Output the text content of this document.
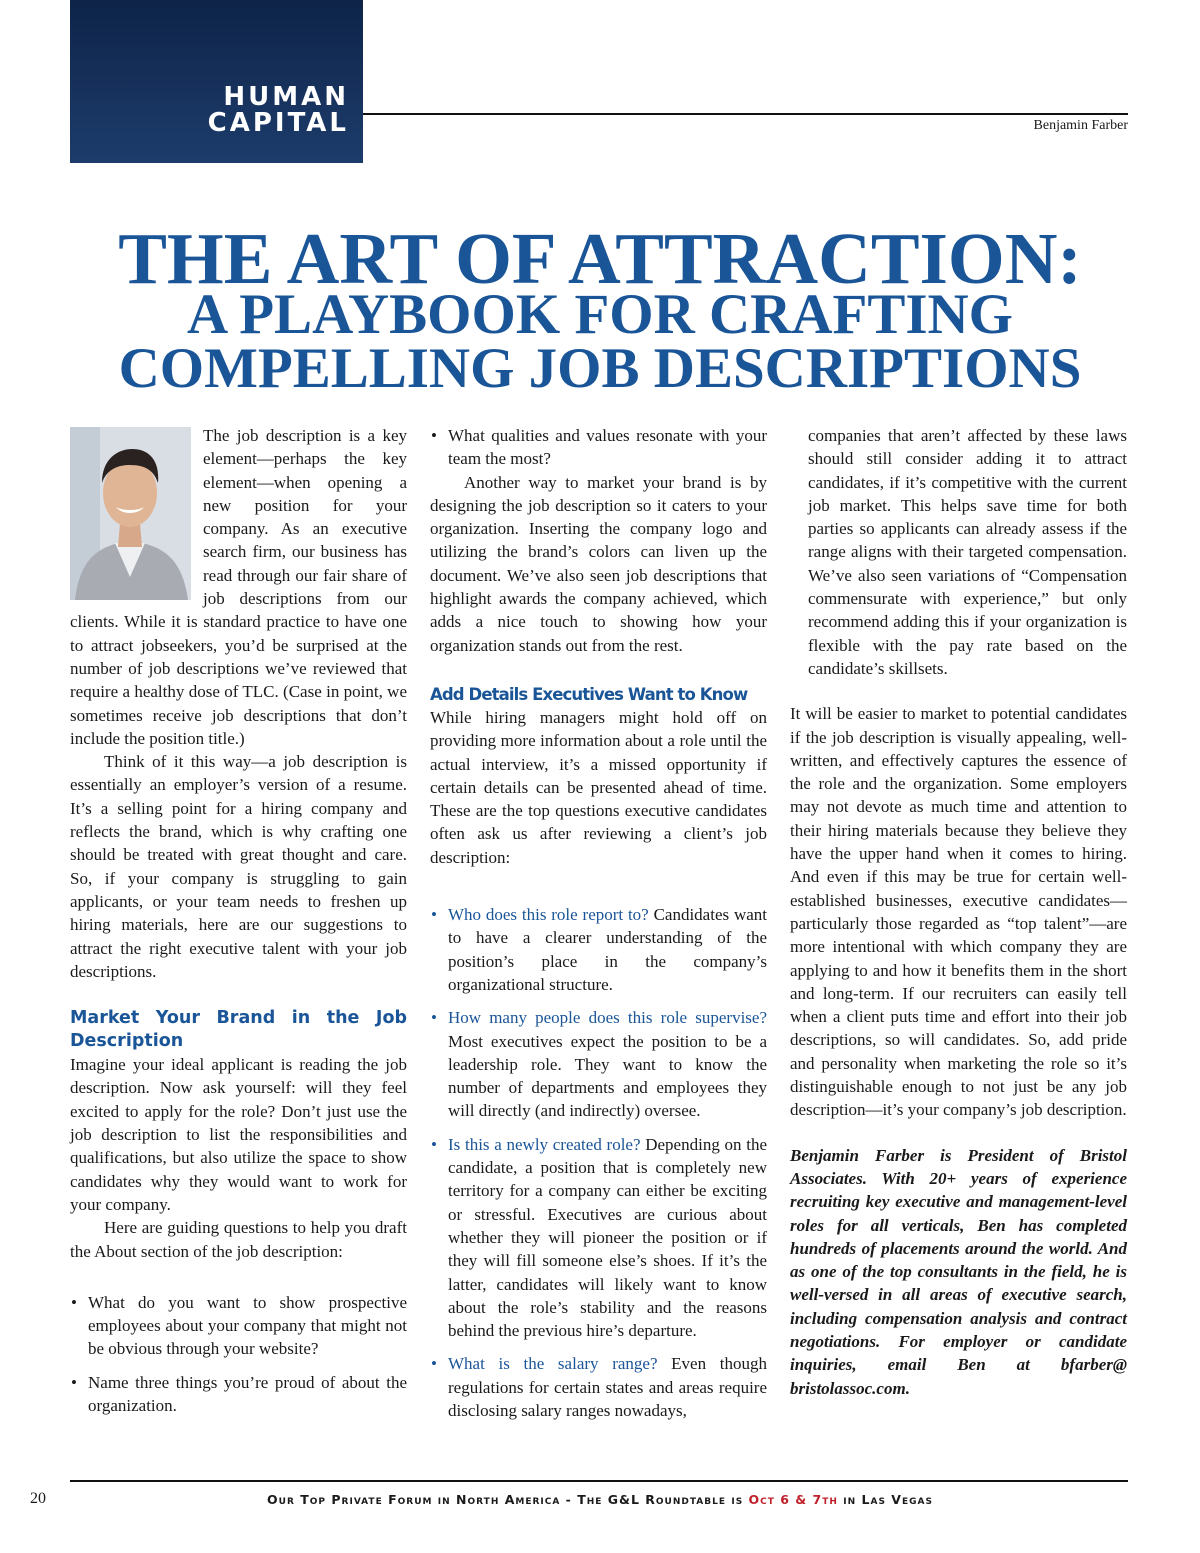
HUMAN
CAPITAL	Benjamin Farber
THE ART OF ATTRACTION:
A PLAYBOOK FOR CRAFTING
COMPELLING JOB DESCRIPTIONS

The job description is a key element—perhaps the key element—when opening a new position for your company. As an executive search firm, our business has read through our fair share of job descriptions from our clients. While it is standard practice to have one to attract jobseekers, you’d be surprised at the number of job descriptions we’ve reviewed that require a healthy dose of TLC. (Case in point, we sometimes receive job descriptions that don’t include the position title.)

Think of it this way—a job description is essentially an employer’s version of a resume. It’s a selling point for a hiring company and reflects the brand, which is why crafting one should be treated with great thought and care. So, if your company is struggling to gain applicants, or your team needs to freshen up hiring materials, here are our suggestions to attract the right executive talent with your job descriptions.

Market Your Brand in the Job Description

Imagine your ideal applicant is reading the job description. Now ask yourself: will they feel excited to apply for the role? Don’t just use the job description to list the responsibilities and qualifications, but also utilize the space to show candidates why they would want to work for your company.

Here are guiding questions to help you draft the About section of the job description:

• What do you want to show prospective employees about your company that might not be obvious through your website?
• Name three things you’re proud of about the organization.
• What qualities and values resonate with your team the most?

Another way to market your brand is by designing the job description so it caters to your organization. Inserting the company logo and utilizing the brand’s colors can liven up the document. We’ve also seen job descriptions that highlight awards the company achieved, which adds a nice touch to showing how your organization stands out from the rest.

Add Details Executives Want to Know

While hiring managers might hold off on providing more information about a role until the actual interview, it’s a missed opportunity if certain details can be presented ahead of time. These are the top questions executive candidates often ask us after reviewing a client’s job description:

• Who does this role report to? Candidates want to have a clearer understanding of the position’s place in the company’s organizational structure.
• How many people does this role supervise? Most executives expect the position to be a leadership role. They want to know the number of departments and employees they will directly (and indirectly) oversee.
• Is this a newly created role? Depending on the candidate, a position that is completely new territory for a company can either be exciting or stressful. Executives are curious about whether they will pioneer the position or if they will fill someone else’s shoes. If it’s the latter, candidates will likely want to know about the role’s stability and the reasons behind the previous hire’s departure.
• What is the salary range? Even though regulations for certain states and areas require disclosing salary ranges nowadays,

companies that aren’t affected by these laws should still consider adding it to attract candidates, if it’s competitive with the current job market. This helps save time for both parties so applicants can already assess if the range aligns with their targeted compensation. We’ve also seen variations of “Compensation commensurate with experience,” but only recommend adding this if your organization is flexible with the pay rate based on the candidate’s skillsets.

It will be easier to market to potential candidates if the job description is visually appealing, well-written, and effectively captures the essence of the role and the organization. Some employers may not devote as much time and attention to their hiring materials because they believe they have the upper hand when it comes to hiring. And even if this may be true for certain well-established businesses, executive candidates—particularly those regarded as “top talent”—are more intentional with which company they are applying to and how it benefits them in the short and long-term. If our recruiters can easily tell when a client puts time and effort into their job descriptions, so will candidates. So, add pride and personality when marketing the role so it’s distinguishable enough to not just be any job description—it’s your company’s job description.

Benjamin Farber is President of Bristol Associates. With 20+ years of experience recruiting key executive and management-level roles for all verticals, Ben has completed hundreds of placements around the world. And as one of the top consultants in the field, he is well-versed in all areas of executive search, including compensation analysis and contract negotiations. For employer or candidate inquiries, email Ben at bfarber@ bristolassoc.com.

20	Our Top Private Forum in North America - The G&L Roundtable is Oct 6 & 7th in Las Vegas
